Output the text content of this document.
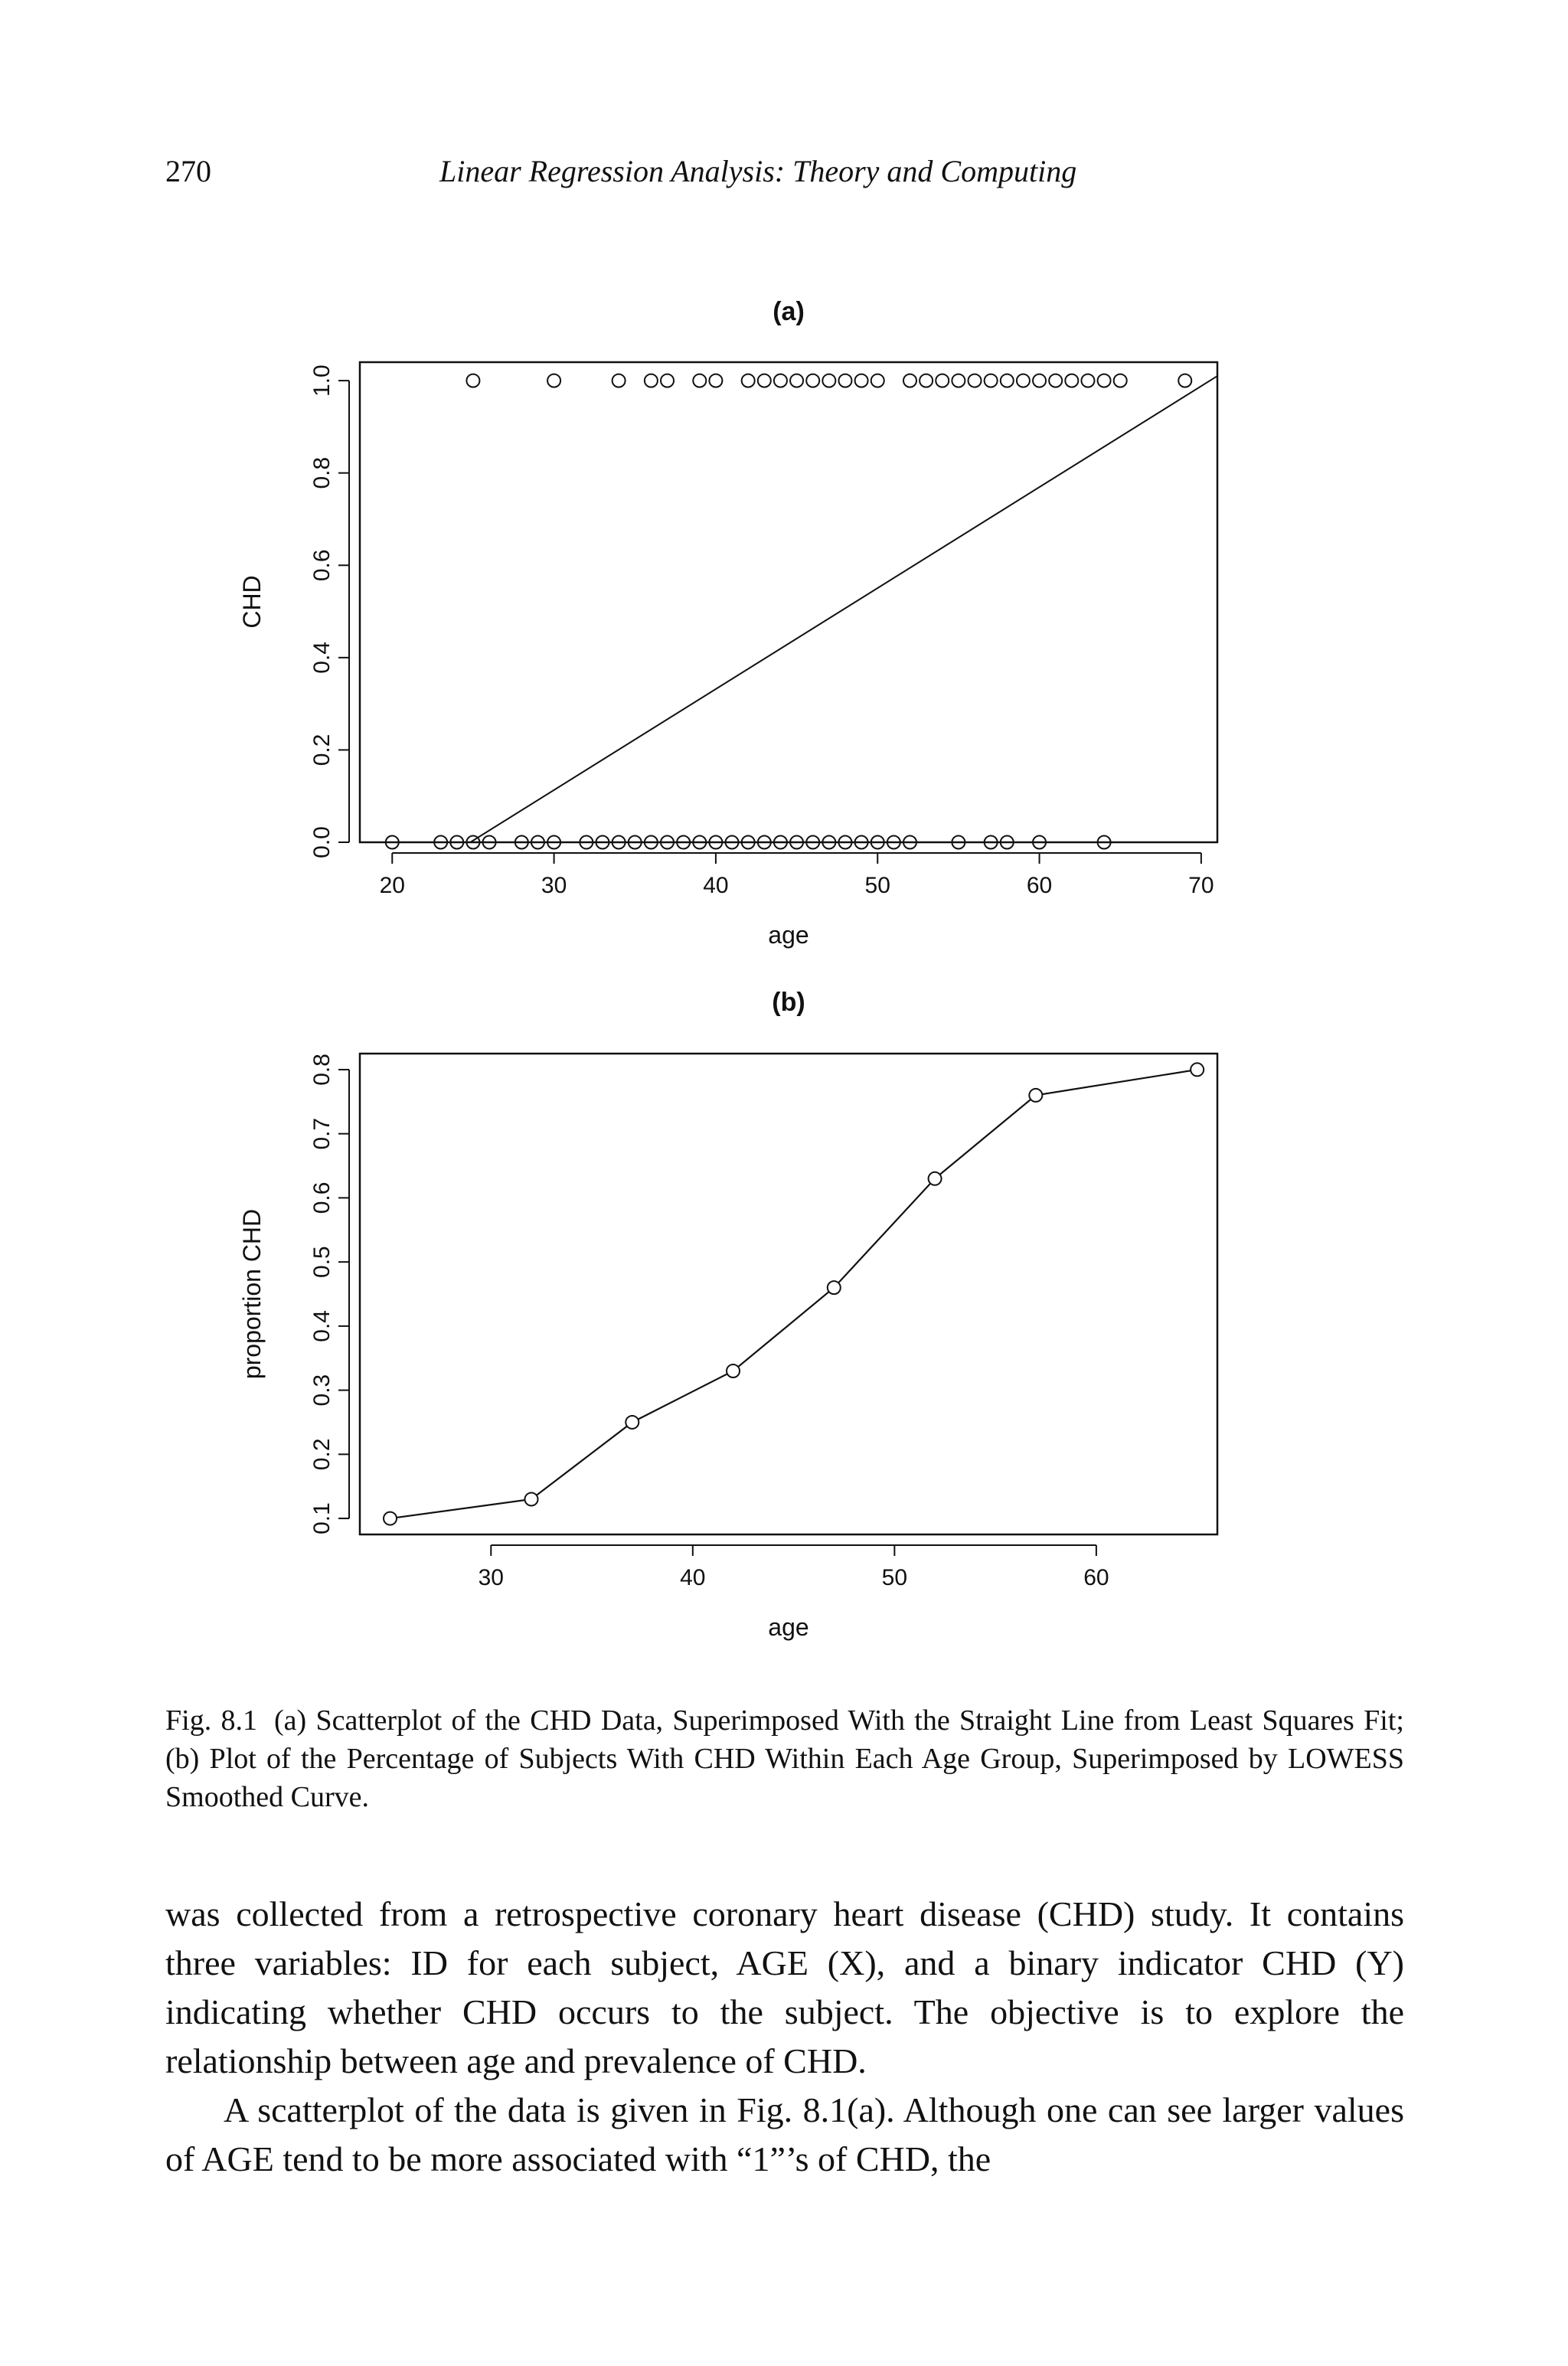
270	Linear Regression Analysis: Theory and Computing
(a)
0.0
0.2
0.4
0.6
0.8
1.0
20	30	40	50	60	70
CHD
age
(b)
0.1
0.2
0.3
0.4
0.5
0.6
0.7
0.8
30	40	50	60
proportion CHD
age
Fig. 8.1 (a) Scatterplot of the CHD Data, Superimposed With the Straight Line from Least Squares Fit; (b) Plot of the Percentage of Subjects With CHD Within Each Age Group, Superimposed by LOWESS Smoothed Curve.

was collected from a retrospective coronary heart disease (CHD) study. It contains three variables: ID for each subject, AGE (X), and a binary indicator CHD (Y) indicating whether CHD occurs to the subject. The objective is to explore the relationship between age and prevalence of CHD.

A scatterplot of the data is given in Fig. 8.1(a). Although one can see larger values of AGE tend to be more associated with “1”’s of CHD, the
